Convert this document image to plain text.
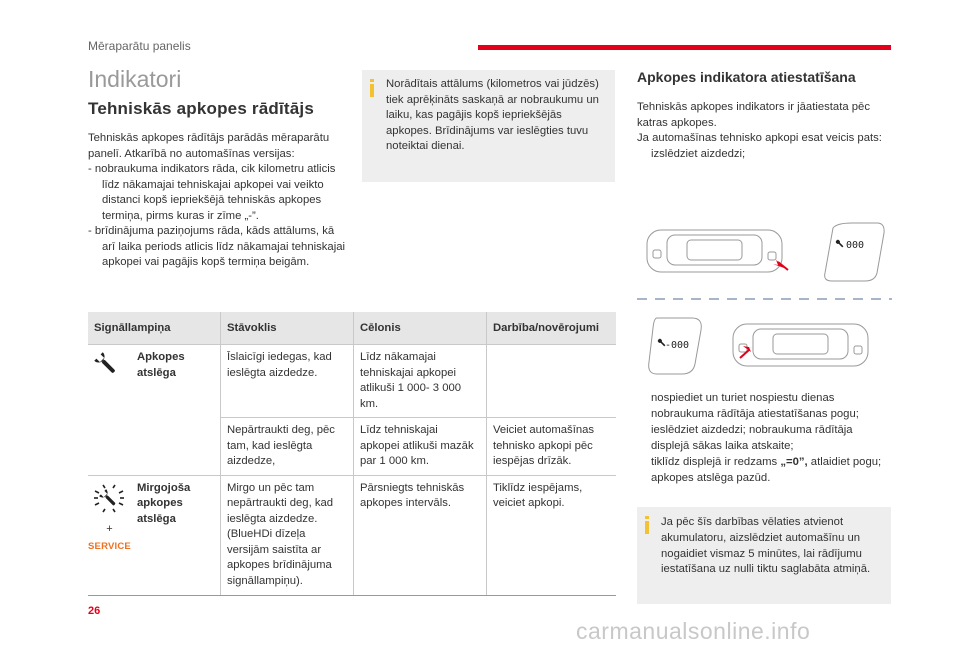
Mēraparātu panelis
Indikatori
Tehniskās apkopes rādītājs

Tehniskās apkopes rādītājs parādās mēraparātu panelī. Atkarībā no automašīnas versijas:

- nobraukuma indikators rāda, cik kilometru atlicis līdz nākamajai tehniskajai apkopei vai veikto distanci kopš iepriekšējā tehniskās apkopes termiņa, pirms kuras ir zīme „-”.

- brīdinājuma paziņojums rāda, kāds attālums, kā arī laika periods atlicis līdz nākamajai tehniskajai apkopei vai pagājis kopš termiņa beigām.

Norādītais attālums (kilometros vai jūdzēs) tiek aprēķināts saskaņā ar nobraukumu un laiku, kas pagājis kopš iepriekšējās apkopes. Brīdinājums var ieslēgties tuvu noteiktai dienai.
Signāllampiņa		Stāvoklis	Cēlonis	Darbība/novērojumi
	Apkopes atslēga	Īslaicīgi iedegas, kad ieslēgta aizdedze.	Līdz nākamajai tehniskajai apkopei atlikuši 1 000- 3 000 km.	
		Nepārtraukti deg, pēc tam, kad ieslēgta aizdedze,	Līdz tehniskajai apkopei atlikuši mazāk par 1 000 km.	Veiciet automašīnas tehnisko apkopi pēc iespējas drīzāk.

+
SERVICE	Mirgojoša apkopes atslēga	Mirgo un pēc tam nepārtraukti deg, kad ieslēgta aizdedze. (BlueHDi dīzeļa versijām saistīta ar apkopes brīdinājuma signāllampiņu).	Pārsniegts tehniskās apkopes intervāls.	Tiklīdz iespējams, veiciet apkopi.
Apkopes indikatora atiestatīšana

Tehniskās apkopes indikators ir jāatiestata pēc katras apkopes.

Ja automašīnas tehnisko apkopi esat veicis pats:

izslēdziet aizdedzi;

000
-000

nospiediet un turiet nospiestu dienas nobraukuma rādītāja atiestatīšanas pogu;

ieslēdziet aizdedzi; nobraukuma rādītāja displejā sākas laika atskaite;

tiklīdz displejā ir redzams „=0”, atlaidiet pogu; apkopes atslēga pazūd.

Ja pēc šīs darbības vēlaties atvienot akumulatoru, aizslēdziet automašīnu un nogaidiet vismaz 5 minūtes, lai rādījumu iestatīšana uz nulli tiktu saglabāta atmiņā.
26
carmanualsonline.info
